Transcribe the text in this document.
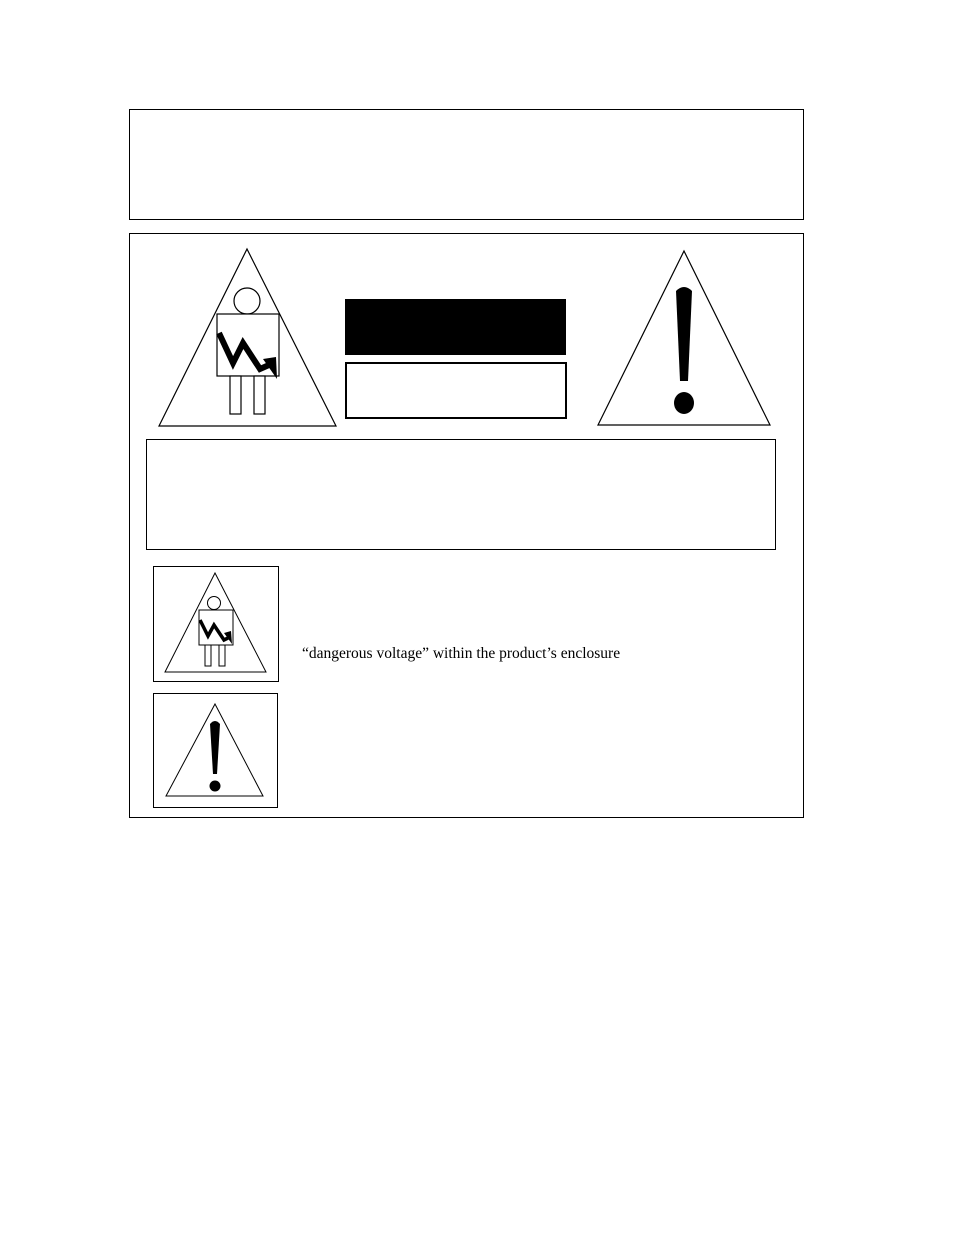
“dangerous voltage” within the product’s enclosure
